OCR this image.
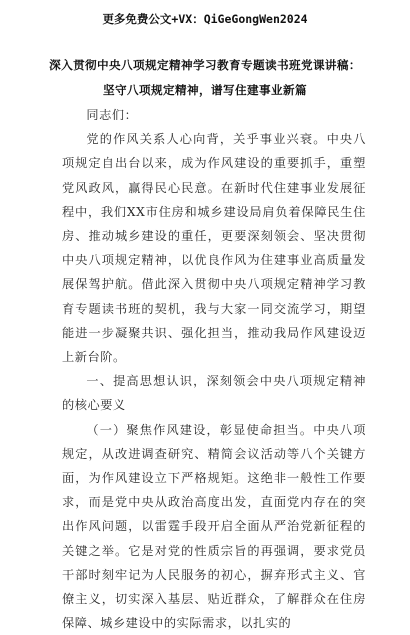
更多免费公文+VX：QiGeGongWen2024
深入贯彻中央八项规定精神学习教育专题读书班党课讲稿：
坚守八项规定精神，谱写住建事业新篇

同志们：

党的作风关系人心向背，关乎事业兴衰。中央八项规定自出台以来，成为作风建设的重要抓手，重塑党风政风，赢得民心民意。在新时代住建事业发展征程中，我们XX市住房和城乡建设局肩负着保障民生住房、推动城乡建设的重任，更要深刻领会、坚决贯彻中央八项规定精神，以优良作风为住建事业高质量发展保驾护航。借此深入贯彻中央八项规定精神学习教育专题读书班的契机，我与大家一同交流学习，期望能进一步凝聚共识、强化担当，推动我局作风建设迈上新台阶。

一、提高思想认识，深刻领会中央八项规定精神的核心要义

（一）聚焦作风建设，彰显使命担当。中央八项规定，从改进调查研究、精简会议活动等八个关键方面，为作风建设立下严格规矩。这绝非一般性工作要求，而是党中央从政治高度出发，直面党内存在的突出作风问题，以雷霆手段开启全面从严治党新征程的关键之举。它是对党的性质宗旨的再强调，要求党员干部时刻牢记为人民服务的初心，摒弃形式主义、官僚主义，切实深入基层、贴近群众，了解群众在住房保障、城乡建设中的实际需求，以扎实的
